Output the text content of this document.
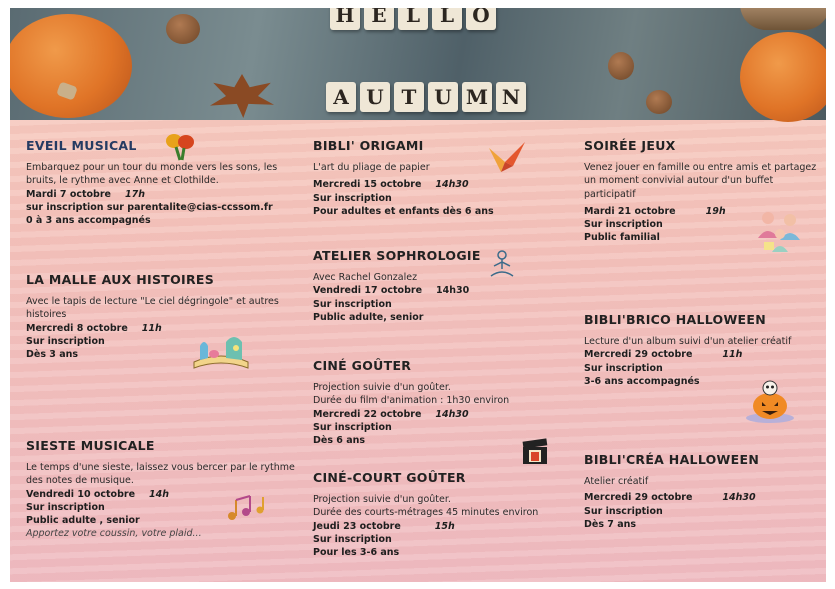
H E L L O
A U T U M N
EVEIL MUSICAL

Embarquez pour un tour du monde vers les sons, les bruits, le rythme avec Anne et Clothilde.

Mardi 7 octobre 17h
sur inscription sur parentalite@cias-ccssom.fr
0 à 3 ans accompagnés
LA MALLE AUX HISTOIRES

Avec le tapis de lecture "Le ciel dégringole" et autres histoires

Mercredi 8 octobre 11h
Sur inscription
Dès 3 ans
SIESTE MUSICALE

Le temps d'une sieste, laissez vous bercer par le rythme des notes de musique.

Vendredi 10 octobre 14h
Sur inscription
Public adulte , senior

Apportez votre coussin, votre plaid...

BIBLI' ORIGAMI

L'art du pliage de papier

Mercredi 15 octobre 14h30
Sur inscription
Pour adultes et enfants dès 6 ans
ATELIER SOPHROLOGIE

Avec Rachel Gonzalez

Vendredi 17 octobre 14h30
Sur inscription
Public adulte, senior
CINÉ GOÛTER

Projection suivie d'un goûter.

Durée du film d'animation : 1h30 environ

Mercredi 22 octobre 14h30
Sur inscription
Dès 6 ans
CINÉ-COURT GOÛTER

Projection suivie d'un goûter.

Durée des courts-métrages 45 minutes environ

Jeudi 23 octobre	15h
Sur inscription
Pour les 3-6 ans
SOIRÉE JEUX

Venez jouer en famille ou entre amis et partagez un moment convivial autour d'un buffet participatif

Mardi 21 octobre	19h
Sur inscription
Public familial
BIBLI'BRICO HALLOWEEN

Lecture d'un album suivi d'un atelier créatif

Mercredi 29 octobre	11h
Sur inscription
3-6 ans accompagnés
BIBLI'CRÉA HALLOWEEN

Atelier créatif

Mercredi 29 octobre	14h30
Sur inscription
Dès 7 ans
